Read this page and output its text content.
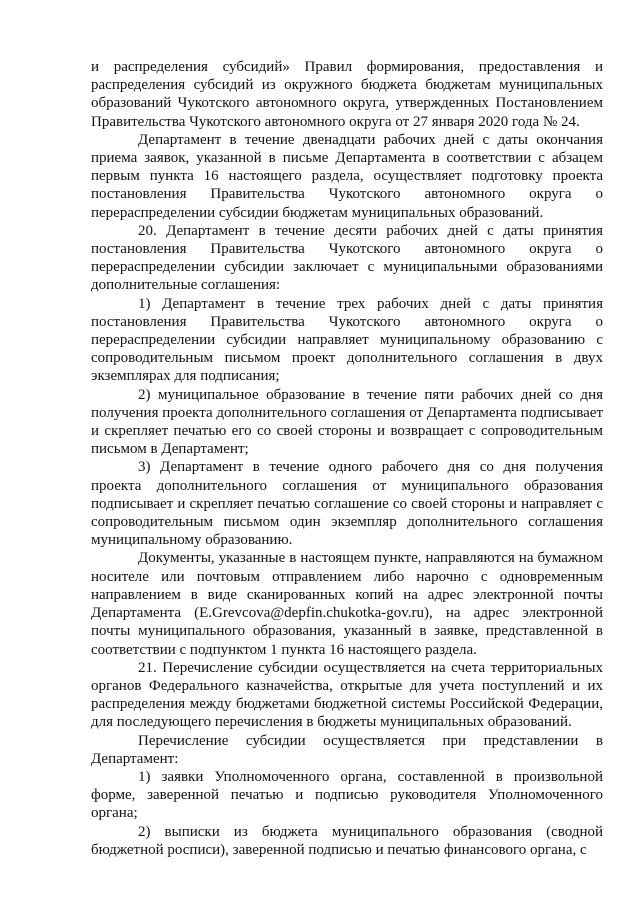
и распределения субсидий» Правил формирования, предоставления и распределения субсидий из окружного бюджета бюджетам муниципальных образований Чукотского автономного округа, утвержденных Постановлением Правительства Чукотского автономного округа от 27 января 2020 года № 24.

Департамент в течение двенадцати рабочих дней с даты окончания приема заявок, указанной в письме Департамента в соответствии с абзацем первым пункта 16 настоящего раздела, осуществляет подготовку проекта постановления Правительства Чукотского автономного округа о перераспределении субсидии бюджетам муниципальных образований.

20. Департамент в течение десяти рабочих дней с даты принятия постановления Правительства Чукотского автономного округа о перераспределении субсидии заключает с муниципальными образованиями дополнительные соглашения:

1) Департамент в течение трех рабочих дней с даты принятия постановления Правительства Чукотского автономного округа о перераспределении субсидии направляет муниципальному образованию с сопроводительным письмом проект дополнительного соглашения в двух экземплярах для подписания;

2) муниципальное образование в течение пяти рабочих дней со дня получения проекта дополнительного соглашения от Департамента подписывает и скрепляет печатью его со своей стороны и возвращает с сопроводительным письмом в Департамент;

3) Департамент в течение одного рабочего дня со дня получения проекта дополнительного соглашения от муниципального образования подписывает и скрепляет печатью соглашение со своей стороны и направляет с сопроводительным письмом один экземпляр дополнительного соглашения муниципальному образованию.

Документы, указанные в настоящем пункте, направляются на бумажном носителе или почтовым отправлением либо нарочно с одновременным направлением в виде сканированных копий на адрес электронной почты Департамента (E.Grevcova@depfin.chukotka-gov.ru), на адрес электронной почты муниципального образования, указанный в заявке, представленной в соответствии с подпунктом 1 пункта 16 настоящего раздела.

21. Перечисление субсидии осуществляется на счета территориальных органов Федерального казначейства, открытые для учета поступлений и их распределения между бюджетами бюджетной системы Российской Федерации, для последующего перечисления в бюджеты муниципальных образований.

Перечисление субсидии осуществляется при представлении в Департамент:

1) заявки Уполномоченного органа, составленной в произвольной форме, заверенной печатью и подписью руководителя Уполномоченного органа;

2) выписки из бюджета муниципального образования (сводной бюджетной росписи), заверенной подписью и печатью финансового органа, с
